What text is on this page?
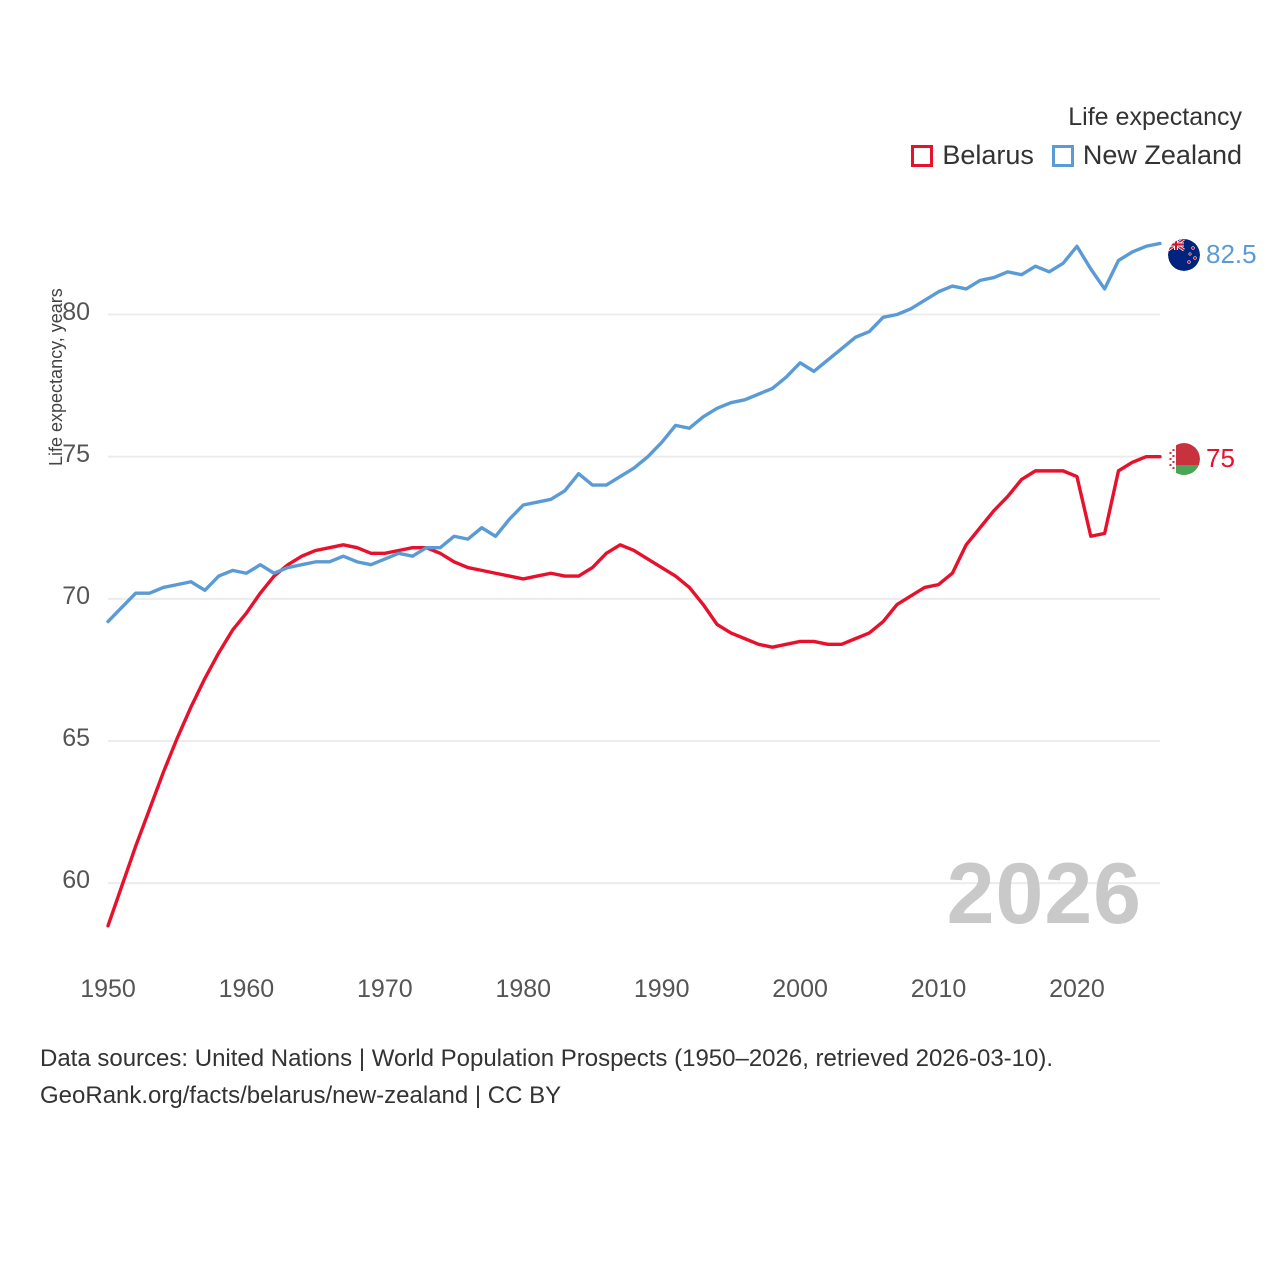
Life expectancy
Belarus New Zealand
Life expectancy, years
60
65
70
75
80
1950	1960	1970	1980	1990	2000	2010	2020
2026
82.5
75
Data sources: United Nations | World Population Prospects (1950–2026, retrieved 2026-03-10).
GeoRank.org/facts/belarus/new-zealand | CC BY
